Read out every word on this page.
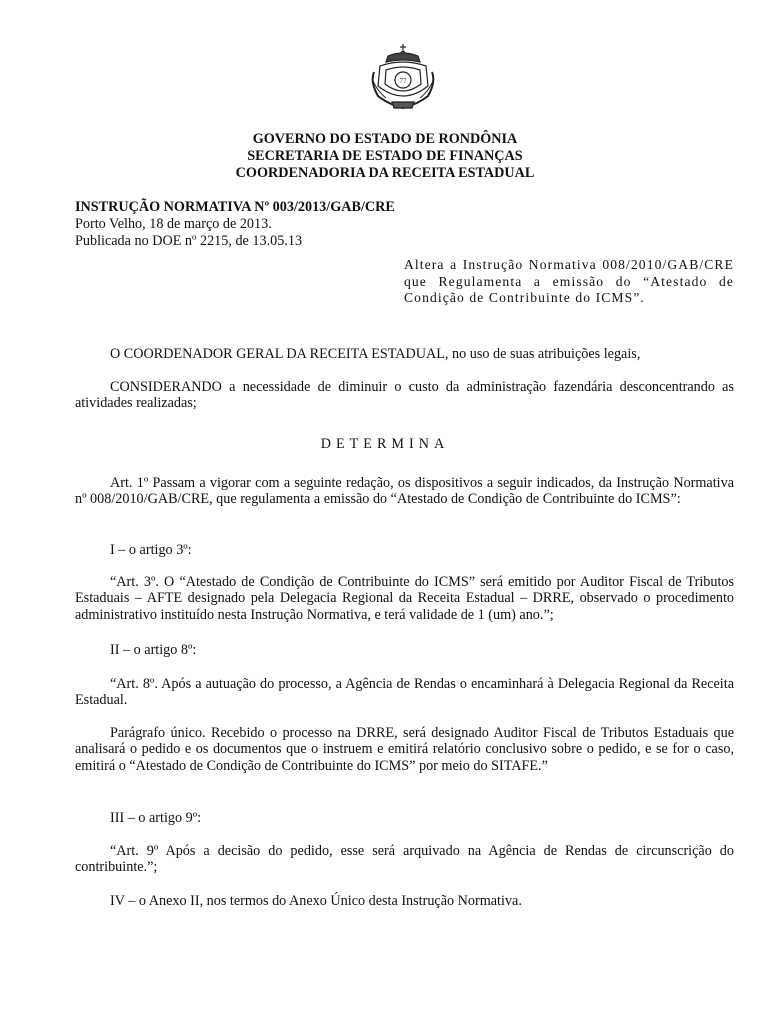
77
GOVERNO DO ESTADO DE RONDÔNIA
SECRETARIA DE ESTADO DE FINANÇAS
COORDENADORIA DA RECEITA ESTADUAL
INSTRUÇÃO NORMATIVA Nº 003/2013/GAB/CRE
Porto Velho, 18 de março de 2013.
Publicada no DOE nº 2215, de 13.05.13
Altera a Instrução Normativa 008/2010/GAB/CRE que Regulamenta a emissão do “Atestado de Condição de Contribuinte do ICMS”.
O COORDENADOR GERAL DA RECEITA ESTADUAL, no uso de suas atribuições legais,
CONSIDERANDO a necessidade de diminuir o custo da administração fazendária desconcentrando as atividades realizadas;
DETERMINA
Art. 1º Passam a vigorar com a seguinte redação, os dispositivos a seguir indicados, da Instrução Normativa nº 008/2010/GAB/CRE, que regulamenta a emissão do “Atestado de Condição de Contribuinte do ICMS”:
I – o artigo 3º:
“Art. 3º. O “Atestado de Condição de Contribuinte do ICMS” será emitido por Auditor Fiscal de Tributos Estaduais – AFTE designado pela Delegacia Regional da Receita Estadual – DRRE, observado o procedimento administrativo instituído nesta Instrução Normativa, e terá validade de 1 (um) ano.”;
II – o artigo 8º:
“Art. 8º. Após a autuação do processo, a Agência de Rendas o encaminhará à Delegacia Regional da Receita Estadual.
Parágrafo único. Recebido o processo na DRRE, será designado Auditor Fiscal de Tributos Estaduais que analisará o pedido e os documentos que o instruem e emitirá relatório conclusivo sobre o pedido, e se for o caso, emitirá o “Atestado de Condição de Contribuinte do ICMS” por meio do SITAFE.”
III – o artigo 9º:
“Art. 9º Após a decisão do pedido, esse será arquivado na Agência de Rendas de circunscrição do contribuinte.”;
IV – o Anexo II, nos termos do Anexo Único desta Instrução Normativa.
